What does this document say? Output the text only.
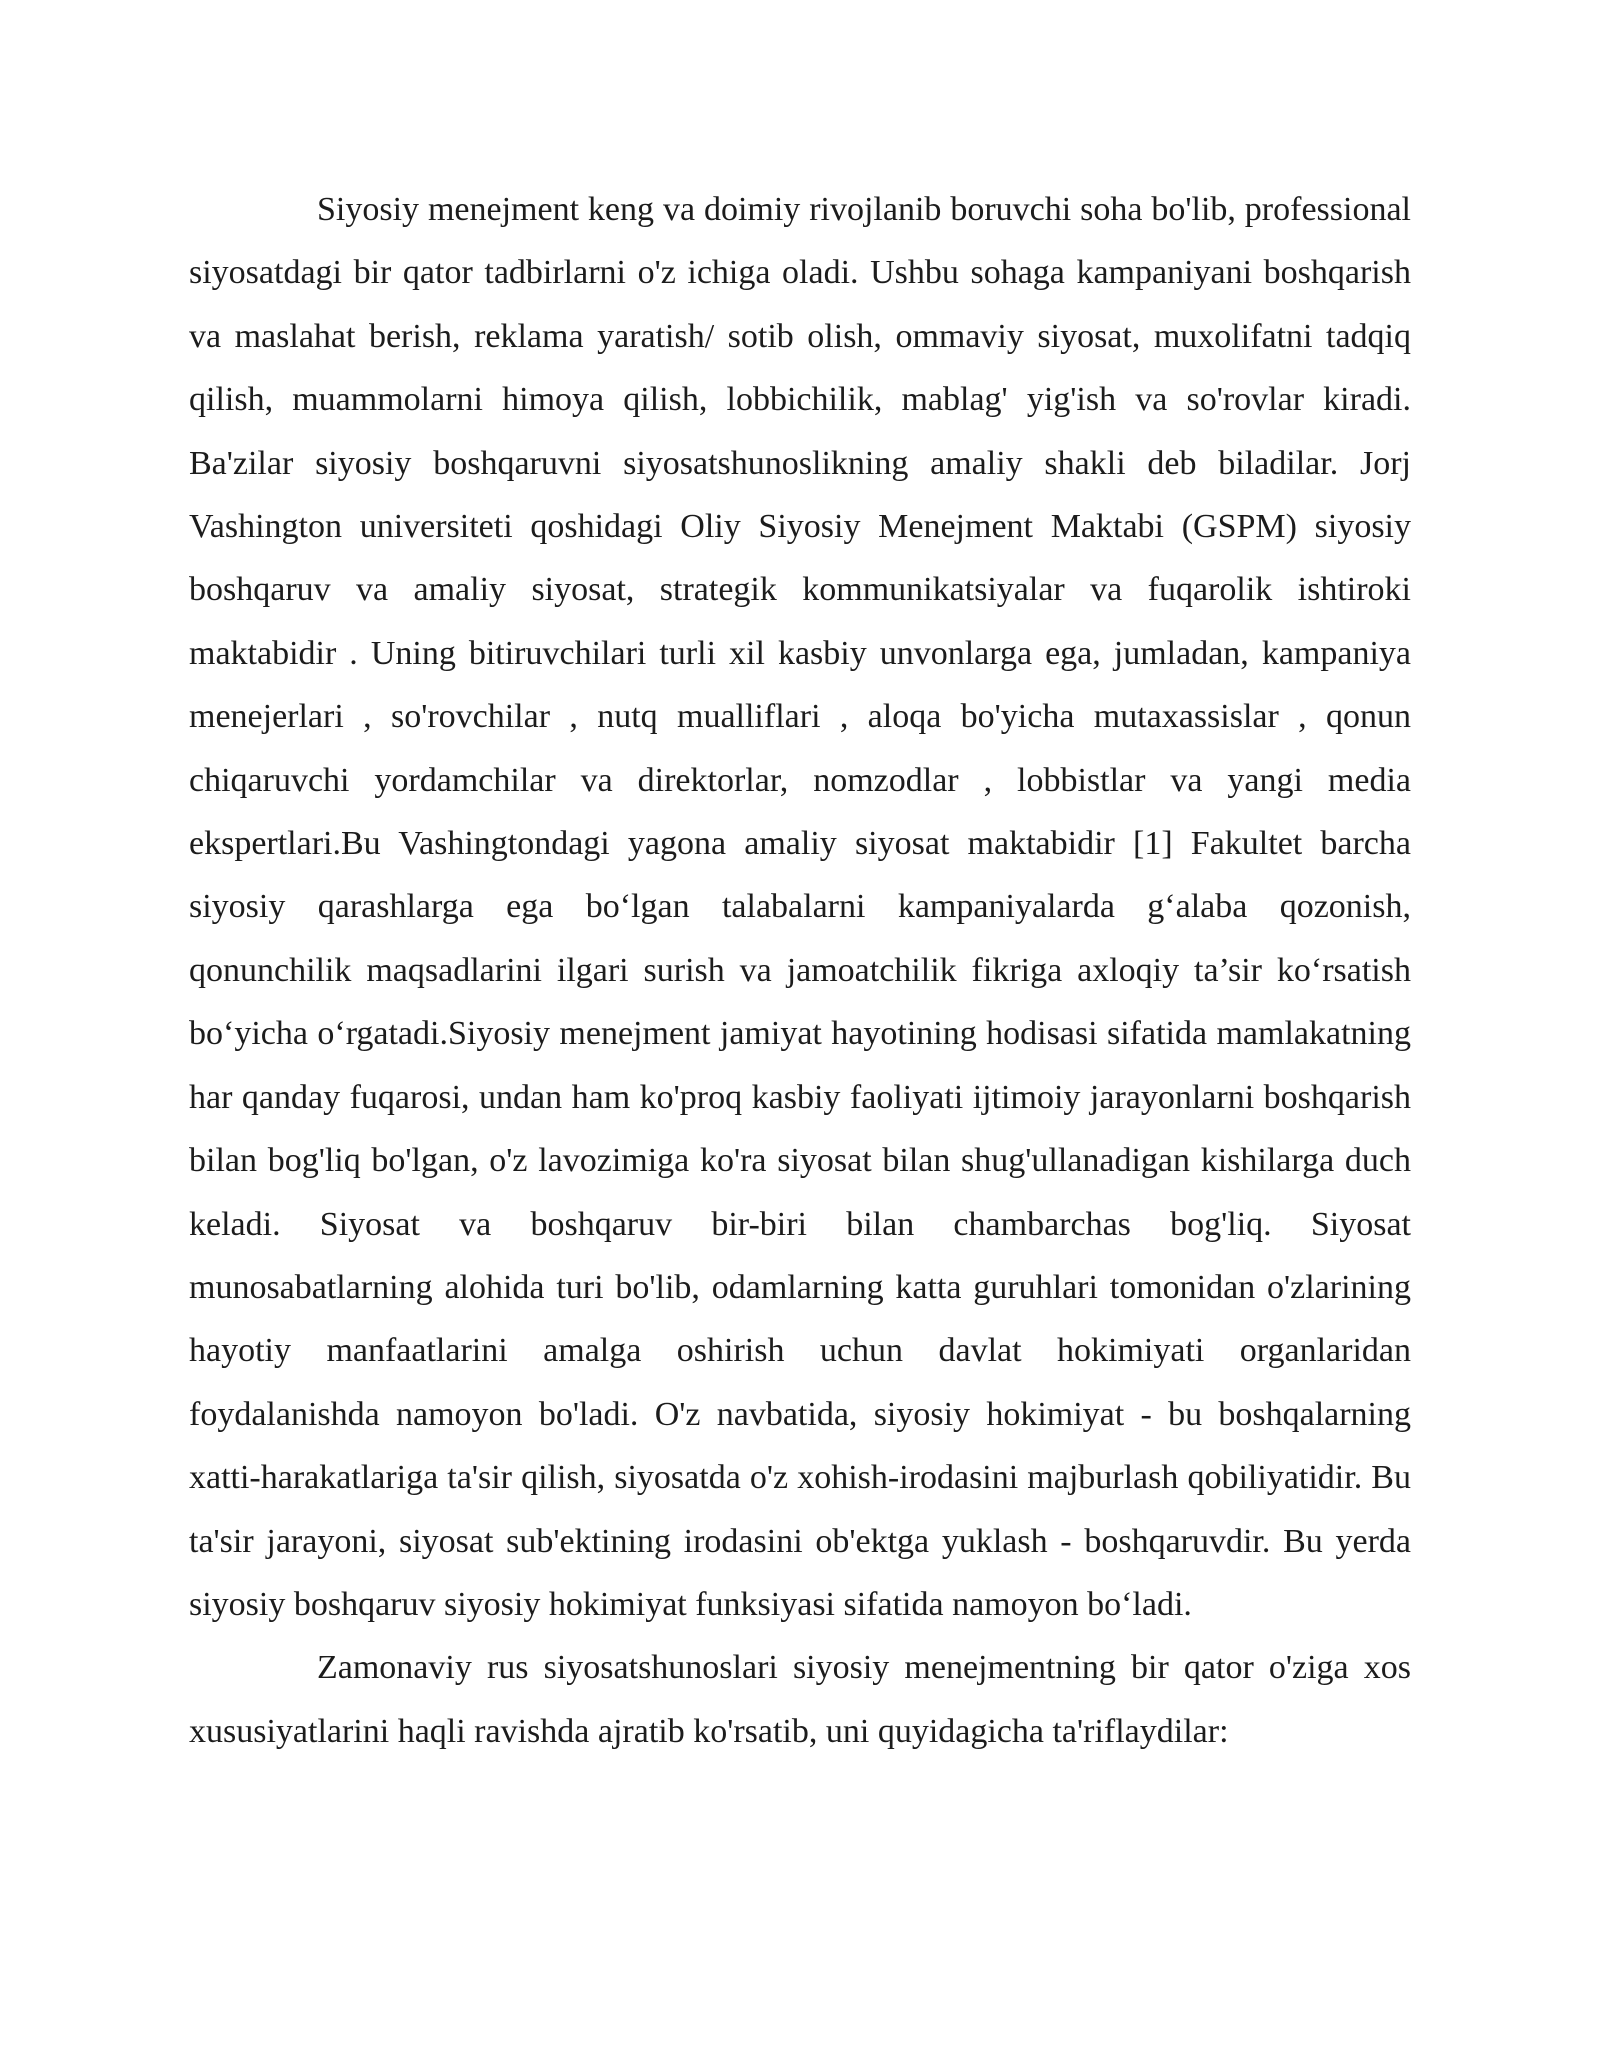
Siyosiy menejment keng va doimiy rivojlanib boruvchi soha bo'lib, professional siyosatdagi bir qator tadbirlarni o'z ichiga oladi. Ushbu sohaga kampaniyani boshqarish va maslahat berish, reklama yaratish/ sotib olish, ommaviy siyosat, muxolifatni tadqiq qilish, muammolarni himoya qilish, lobbichilik, mablag' yig'ish va so'rovlar kiradi. Ba'zilar siyosiy boshqaruvni siyosatshunoslikning amaliy shakli deb biladilar. Jorj Vashington universiteti qoshidagi Oliy Siyosiy Menejment Maktabi (GSPM) siyosiy boshqaruv va amaliy siyosat, strategik kommunikatsiyalar va fuqarolik ishtiroki maktabidir . Uning bitiruvchilari turli xil kasbiy unvonlarga ega, jumladan, kampaniya menejerlari , so'rovchilar , nutq mualliflari , aloqa bo'yicha mutaxassislar , qonun chiqaruvchi yordamchilar va direktorlar, nomzodlar , lobbistlar va yangi media ekspertlari.Bu Vashingtondagi yagona amaliy siyosat maktabidir [1] Fakultet barcha siyosiy qarashlarga ega bo‘lgan talabalarni kampaniyalarda g‘alaba qozonish, qonunchilik maqsadlarini ilgari surish va jamoatchilik fikriga axloqiy ta’sir ko‘rsatish bo‘yicha o‘rgatadi.Siyosiy menejment jamiyat hayotining hodisasi sifatida mamlakatning har qanday fuqarosi, undan ham ko'proq kasbiy faoliyati ijtimoiy jarayonlarni boshqarish bilan bog'liq bo'lgan, o'z lavozimiga ko'ra siyosat bilan shug'ullanadigan kishilarga duch keladi. Siyosat va boshqaruv bir-biri bilan chambarchas bog'liq. Siyosat munosabatlarning alohida turi bo'lib, odamlarning katta guruhlari tomonidan o'zlarining hayotiy manfaatlarini amalga oshirish uchun davlat hokimiyati organlaridan foydalanishda namoyon bo'ladi. O'z navbatida, siyosiy hokimiyat - bu boshqalarning xatti-harakatlariga ta'sir qilish, siyosatda o'z xohish-irodasini majburlash qobiliyatidir. Bu ta'sir jarayoni, siyosat sub'ektining irodasini ob'ektga yuklash - boshqaruvdir. Bu yerda siyosiy boshqaruv siyosiy hokimiyat funksiyasi sifatida namoyon bo‘ladi.

Zamonaviy rus siyosatshunoslari siyosiy menejmentning bir qator o'ziga xos xususiyatlarini haqli ravishda ajratib ko'rsatib, uni quyidagicha ta'riflaydilar:
